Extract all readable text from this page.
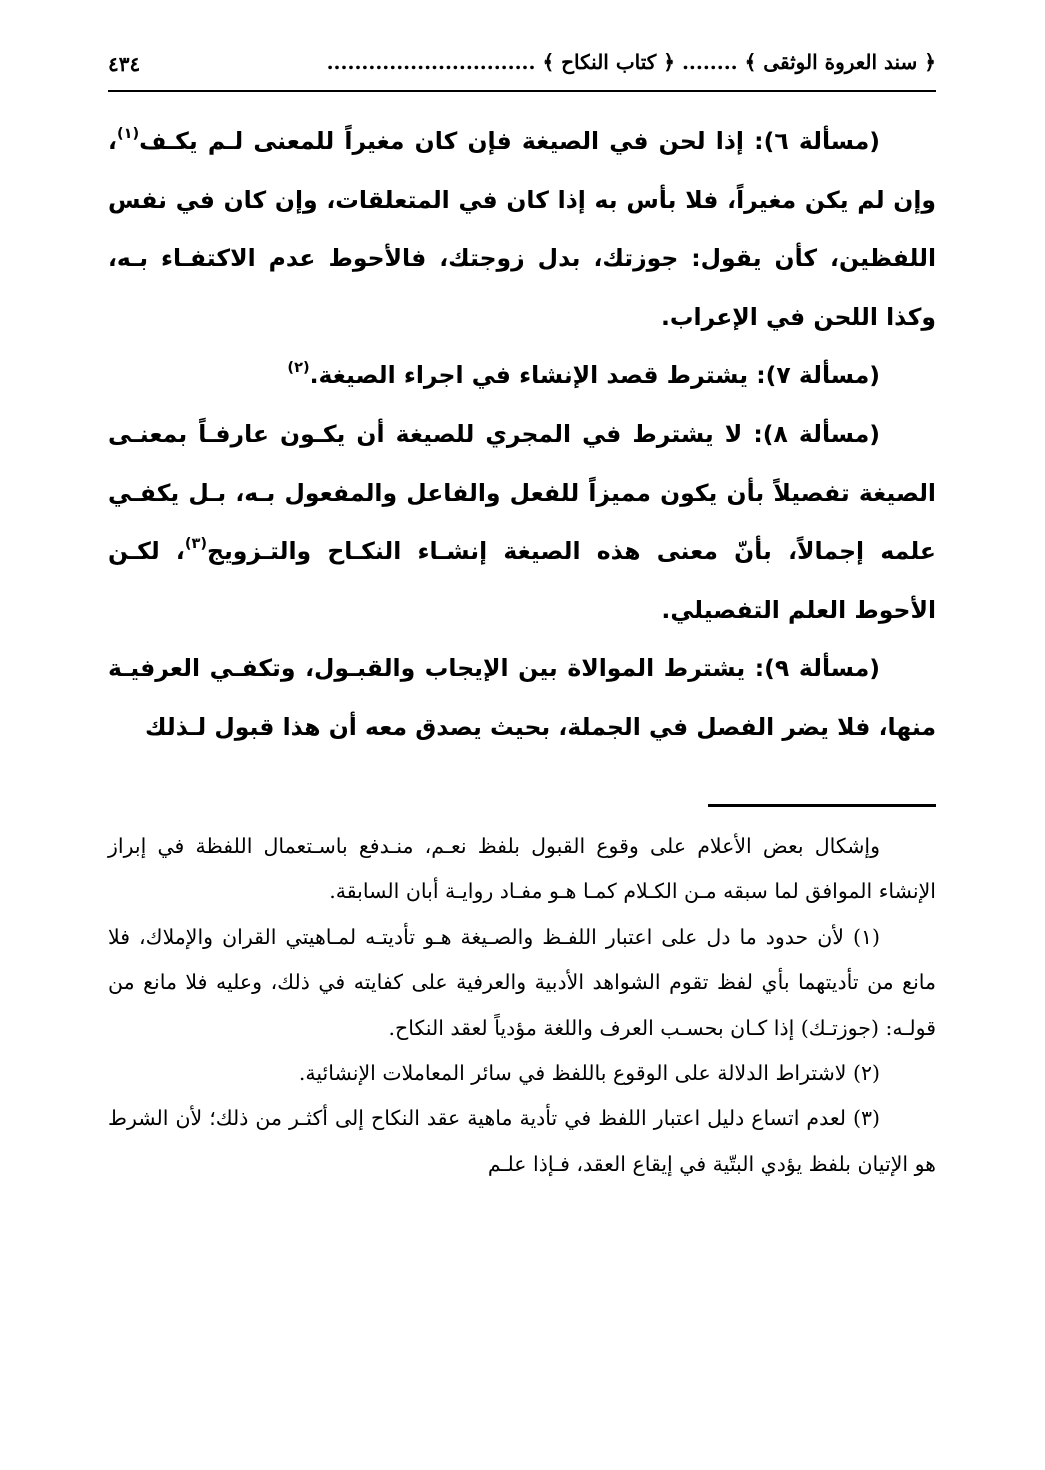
٤٣٤	﴿ سند العروة الوثقى ﴾ ........ ﴿ كتاب النكاح ﴾ ..............................

(مسألة ٦): إذا لحن في الصيغة فإن كان مغيراً للمعنى لـم يكـف$^{(١)}$، وإن لم يكن مغيراً، فلا بأس به إذا كان في المتعلقات، وإن كان في نفس اللفظين، كأن يقول: جوزتك، بدل زوجتك، فالأحوط عدم الاكتفـاء بـه، وكذا اللحن في الإعراب.

(مسألة ٧): يشترط قصد الإنشاء في اجراء الصيغة.$^{(٢)}$

(مسألة ٨): لا يشترط في المجري للصيغة أن يكـون عارفـاً بمعنـى الصيغة تفصيلاً بأن يكون مميزاً للفعل والفاعل والمفعول بـه، بـل يكفـي علمه إجمالاً، بأنّ معنى هذه الصيغة إنشـاء النكـاح والتـزويج$^{(٣)}$، لكـن الأحوط العلم التفصيلي.

(مسألة ٩): يشترط الموالاة بين الإيجاب والقبـول، وتكفـي العرفيـة منها، فلا يضر الفصل في الجملة، بحيث يصدق معه أن هذا قبول لـذلك

وإشكال بعض الأعلام على وقوع القبول بلفظ نعـم، منـدفع باسـتعمال اللفظة في إبراز الإنشاء الموافق لما سبقه مـن الكـلام كمـا هـو مفـاد روايـة أبان السابقة.

(١) لأن حدود ما دل على اعتبار اللفـظ والصـيغة هـو تأديتـه لمـاهيتي القران والإملاك، فلا مانع من تأديتهما بأي لفظ تقوم الشواهد الأدبية والعرفية على كفايته في ذلك، وعليه فلا مانع من قولـه: (جوزتـك) إذا كـان بحسـب العرف واللغة مؤدياً لعقد النكاح.

(٢) لاشتراط الدلالة على الوقوع باللفظ في سائر المعاملات الإنشائية.

(٣) لعدم اتساع دليل اعتبار اللفظ في تأدية ماهية عقد النكاح إلى أكثـر من ذلك؛ لأن الشرط هو الإتيان بلفظ يؤدي البتّية في إيقاع العقد، فـإذا علـم
